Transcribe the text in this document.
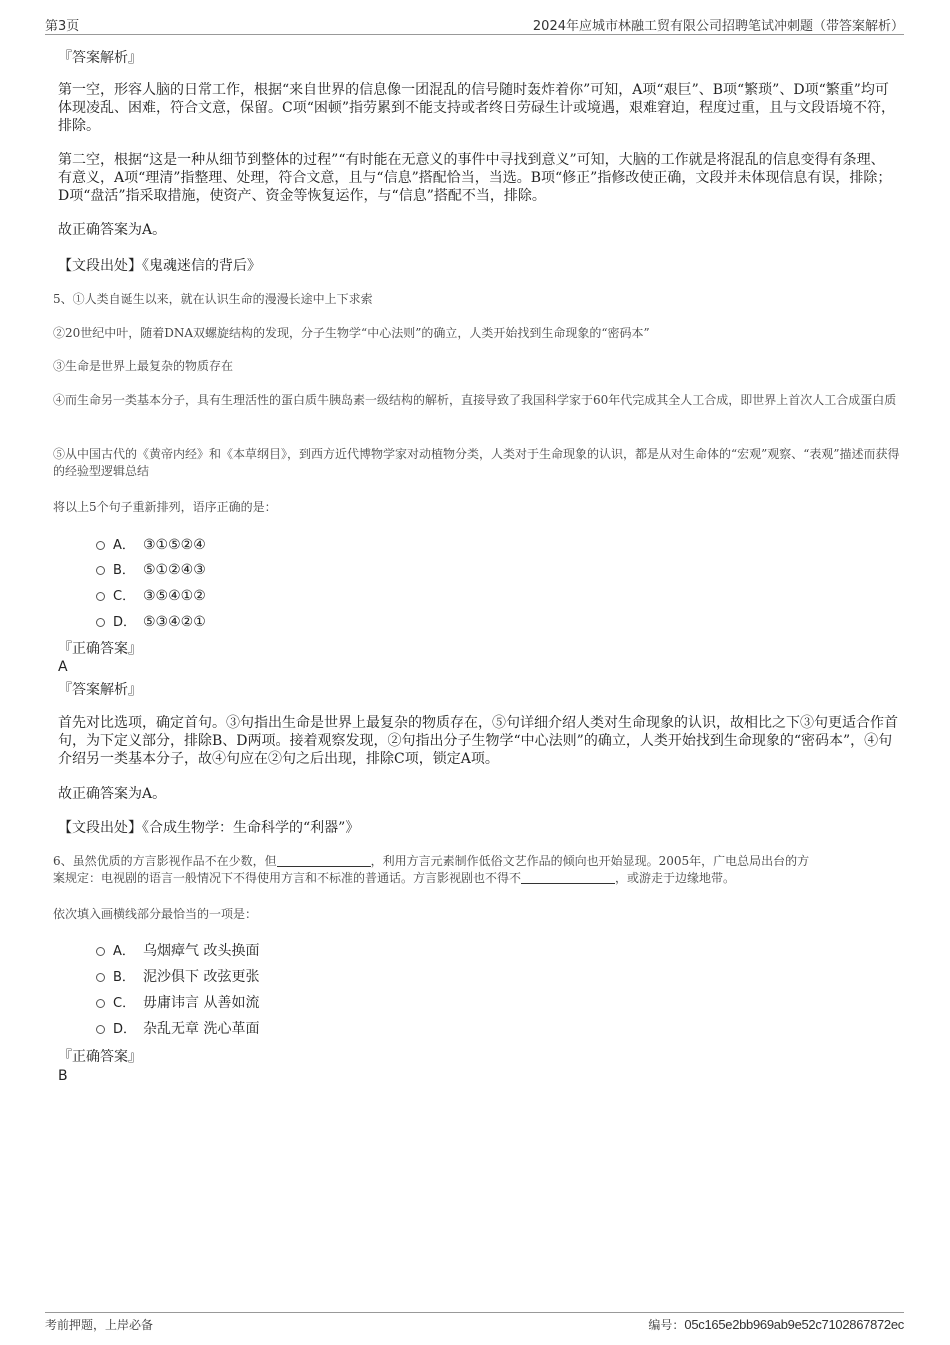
第3页	2024年应城市林融工贸有限公司招聘笔试冲刺题（带答案解析）
『答案解析』
第一空，形容人脑的日常工作，根据“来自世界的信息像一团混乱的信号随时轰炸着你”可知，A项“艰巨”、B项“繁琐”、D项“繁重”均可体现凌乱、困难，符合文意，保留。C项“困顿”指劳累到不能支持或者终日劳碌生计或境遇，艰难窘迫，程度过重，且与文段语境不符，排除。
第二空，根据“这是一种从细节到整体的过程”“有时能在无意义的事件中寻找到意义”可知，大脑的工作就是将混乱的信息变得有条理、有意义，A项“理清”指整理、处理，符合文意，且与“信息”搭配恰当，当选。B项“修正”指修改使正确，文段并未体现信息有误，排除；D项“盘活”指采取措施，使资产、资金等恢复运作，与“信息”搭配不当，排除。
故正确答案为A。
【文段出处】《鬼魂迷信的背后》
5、①人类自诞生以来，就在认识生命的漫漫长途中上下求索
②20世纪中叶，随着DNA双螺旋结构的发现，分子生物学“中心法则”的确立，人类开始找到生命现象的“密码本”
③生命是世界上最复杂的物质存在
④而生命另一类基本分子，具有生理活性的蛋白质牛胰岛素一级结构的解析，直接导致了我国科学家于60年代完成其全人工合成，即世界上首次人工合成蛋白质
⑤从中国古代的《黄帝内经》和《本草纲目》，到西方近代博物学家对动植物分类，人类对于生命现象的认识，都是从对生命体的“宏观”观察、“表观”描述而获得的经验型逻辑总结
将以上5个句子重新排列，语序正确的是：
A． ③①⑤②④
B． ⑤①②④③
C． ③⑤④①②
D． ⑤③④②①
『正确答案』
A
『答案解析』
首先对比选项，确定首句。③句指出生命是世界上最复杂的物质存在，⑤句详细介绍人类对生命现象的认识，故相比之下③句更适合作首句，为下定义部分，排除B、D两项。接着观察发现，②句指出分子生物学“中心法则”的确立，人类开始找到生命现象的“密码本”，④句介绍另一类基本分子，故④句应在②句之后出现，排除C项，锁定A项。
故正确答案为A。
【文段出处】《合成生物学：生命科学的“利器”》
6、虽然优质的方言影视作品不在少数，但	，利用方言元素制作低俗文艺作品的倾向也开始显现。2005年，广电总局出台的方
案规定：电视剧的语言一般情况下不得使用方言和不标准的普通话。方言影视剧也不得不	，或游走于边缘地带。
依次填入画横线部分最恰当的一项是：
A． 乌烟瘴气 改头换面
B． 泥沙俱下 改弦更张
C． 毋庸讳言 从善如流
D． 杂乱无章 洗心革面
『正确答案』
B
考前押题，上岸必备	编号：05c165e2bb969ab9e52c7102867872ec
